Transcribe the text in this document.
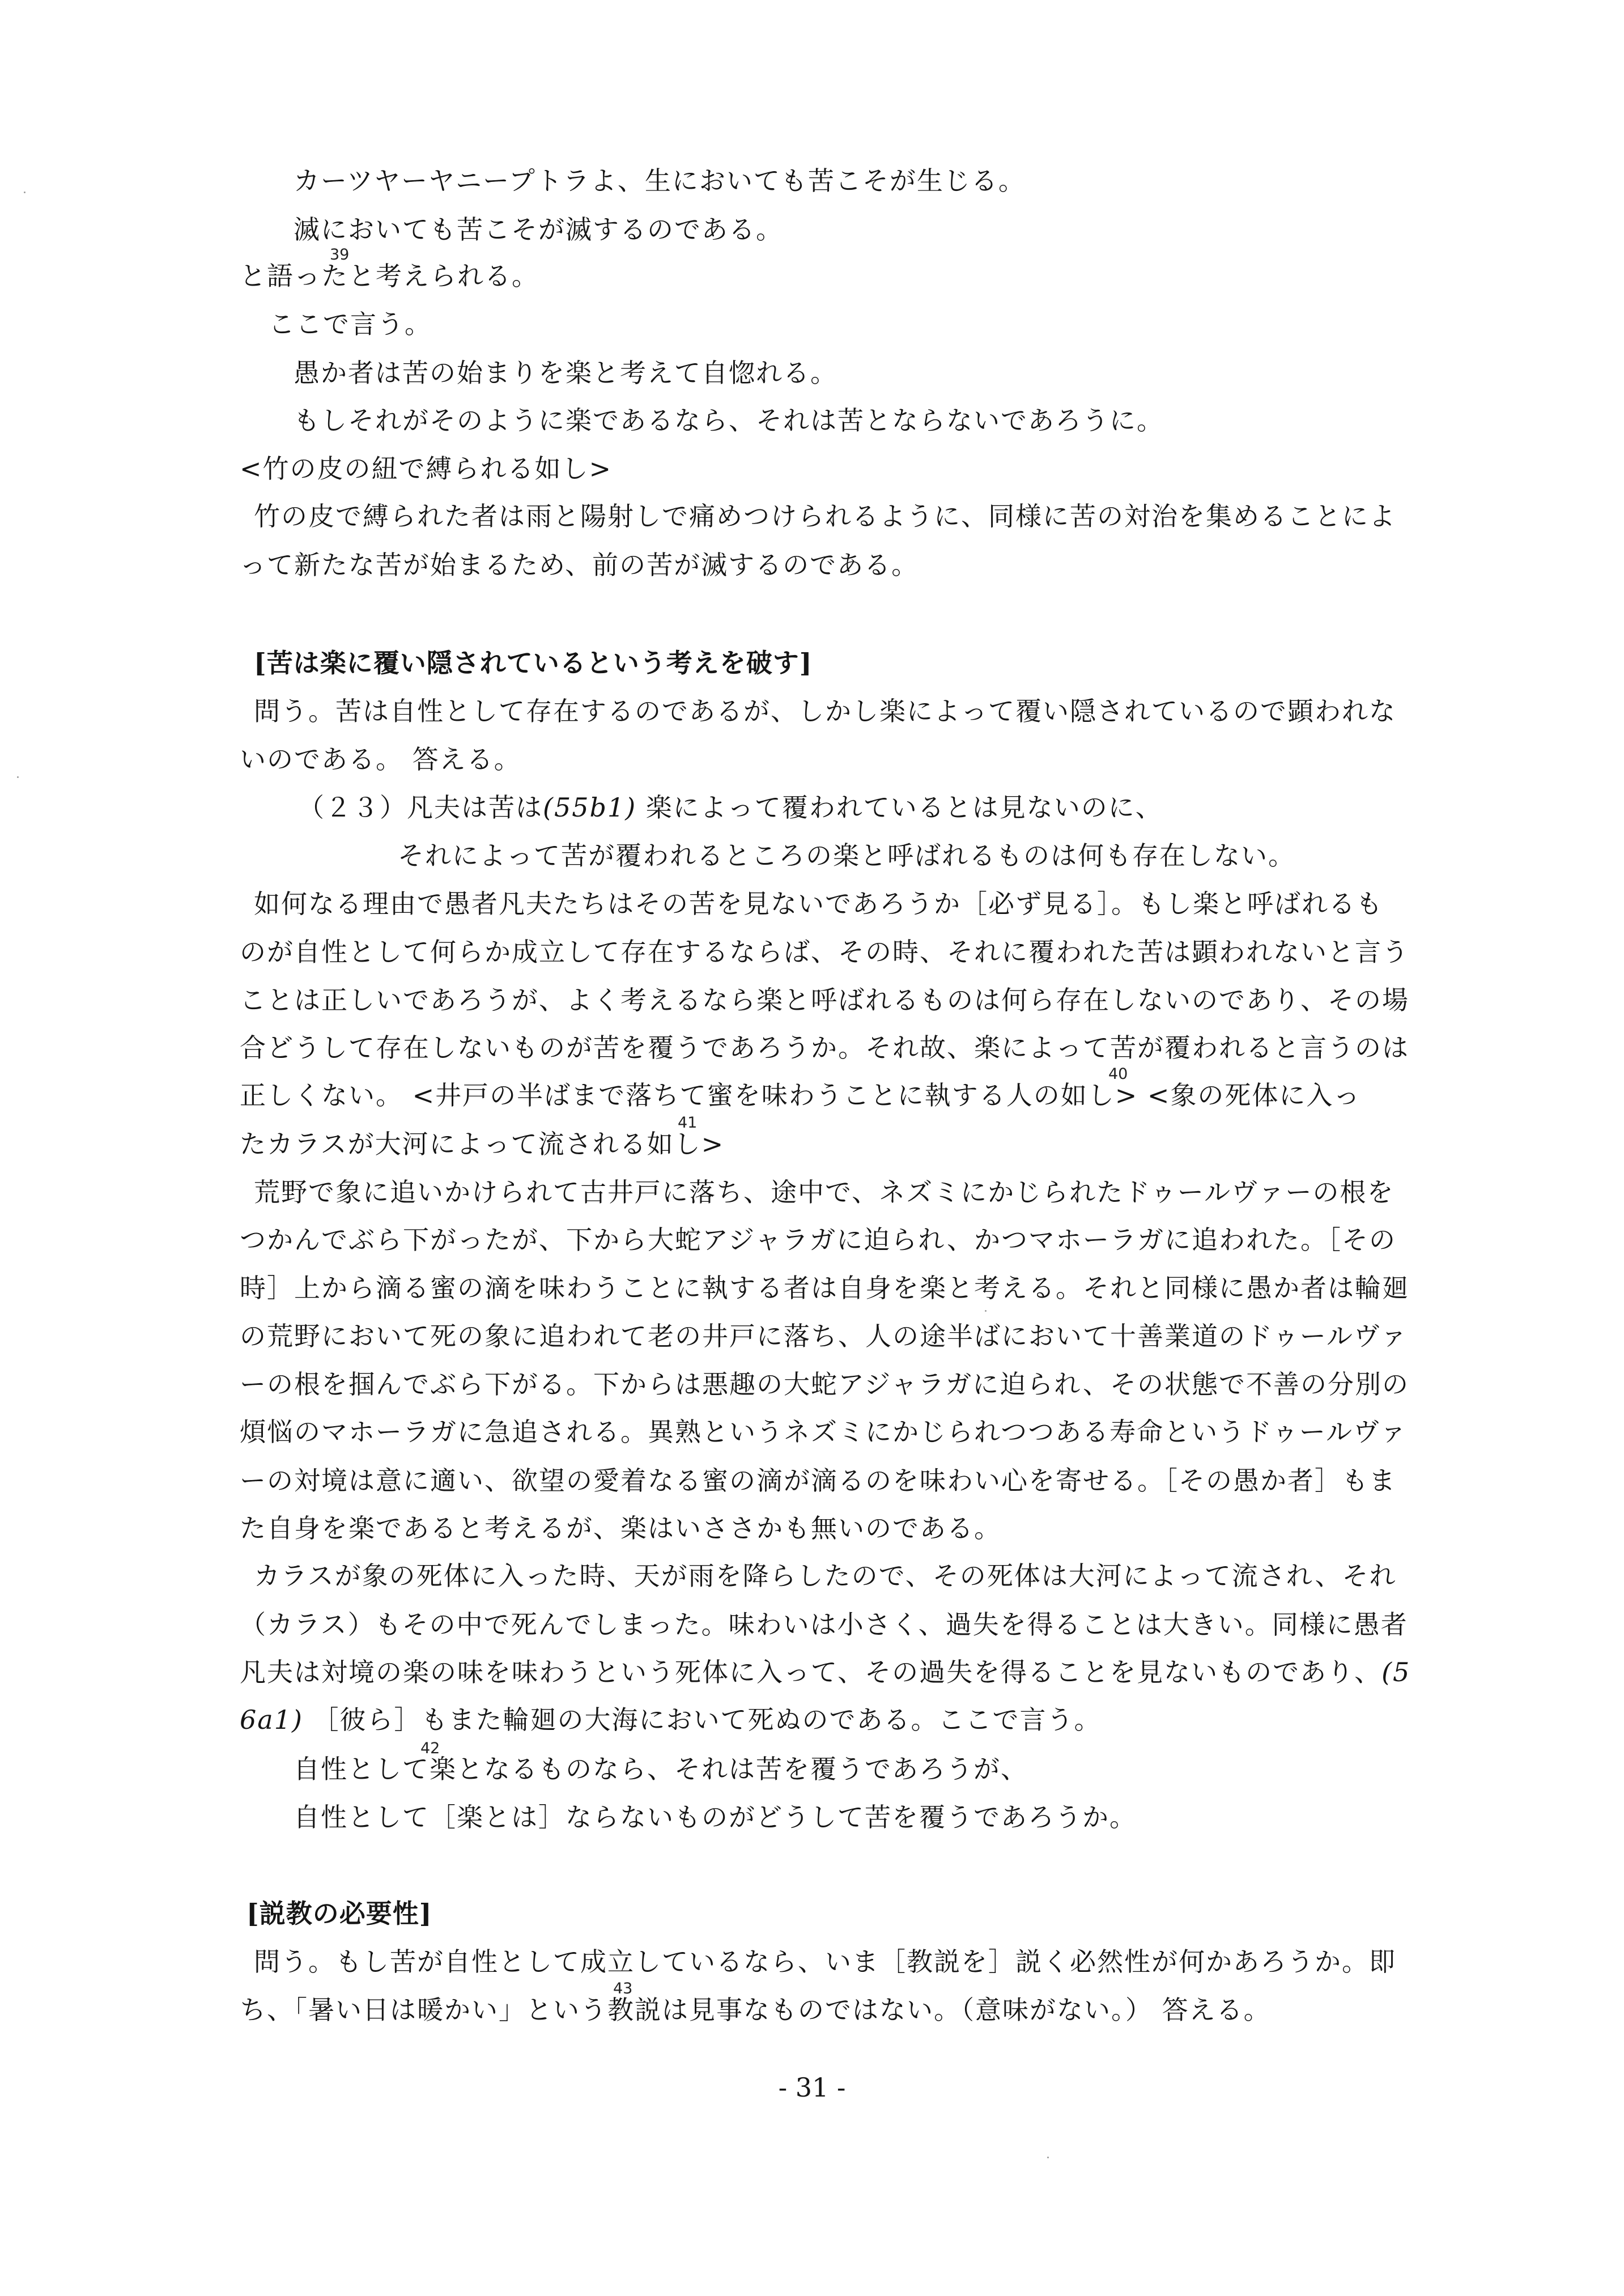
カーツヤーヤニープトラよ、生においても苦こそが生じる。
滅においても苦こそが滅するのである。
39
と語ったと考えられる。
ここで言う。
愚か者は苦の始まりを楽と考えて自惚れる。
もしそれがそのように楽であるなら、それは苦とならないであろうに。
<竹の皮の紐で縛られる如し>
竹の皮で縛られた者は雨と陽射しで痛めつけられるように、同様に苦の対治を集めることによ
って新たな苦が始まるため、前の苦が滅するのである。
[苦は楽に覆い隠されているという考えを破す]
問う。苦は自性として存在するのであるが、しかし楽によって覆い隠されているので顕われな
いのである。 答える。
（２３）凡夫は苦は(55b1) 楽によって覆われているとは見ないのに、
それによって苦が覆われるところの楽と呼ばれるものは何も存在しない。
如何なる理由で愚者凡夫たちはその苦を見ないであろうか［必ず見る］。もし楽と呼ばれるも
のが自性として何らか成立して存在するならば、その時、それに覆われた苦は顕われないと言う
ことは正しいであろうが、よく考えるなら楽と呼ばれるものは何ら存在しないのであり、その場
合どうして存在しないものが苦を覆うであろうか。それ故、楽によって苦が覆われると言うのは
40
正しくない。 <井戸の半ばまで落ちて蜜を味わうことに執する人の如し> <象の死体に入っ
41
たカラスが大河によって流される如し>
荒野で象に追いかけられて古井戸に落ち、途中で、ネズミにかじられたドゥールヴァーの根を
つかんでぶら下がったが、下から大蛇アジャラガに迫られ、かつマホーラガに追われた。［その
時］上から滴る蜜の滴を味わうことに執する者は自身を楽と考える。それと同様に愚か者は輪廻
の荒野において死の象に追われて老の井戸に落ち、人の途半ばにおいて十善業道のドゥールヴァ
ーの根を掴んでぶら下がる。下からは悪趣の大蛇アジャラガに迫られ、その状態で不善の分別の
煩悩のマホーラガに急追される。異熟というネズミにかじられつつある寿命というドゥールヴァ
ーの対境は意に適い、欲望の愛着なる蜜の滴が滴るのを味わい心を寄せる。［その愚か者］もま
た自身を楽であると考えるが、楽はいささかも無いのである。
カラスが象の死体に入った時、天が雨を降らしたので、その死体は大河によって流され、それ
（カラス）もその中で死んでしまった。味わいは小さく、過失を得ることは大きい。同様に愚者
凡夫は対境の楽の味を味わうという死体に入って、その過失を得ることを見ないものであり、(5
6a1) ［彼ら］もまた輪廻の大海において死ぬのである。ここで言う。
42
自性として楽となるものなら、それは苦を覆うであろうが、
自性として［楽とは］ならないものがどうして苦を覆うであろうか。
[説教の必要性]
問う。もし苦が自性として成立しているなら、いま［教説を］説く必然性が何かあろうか。即
43
ち、「暑い日は暖かい」という教説は見事なものではない。（意味がない。） 答える。
- 31 -
